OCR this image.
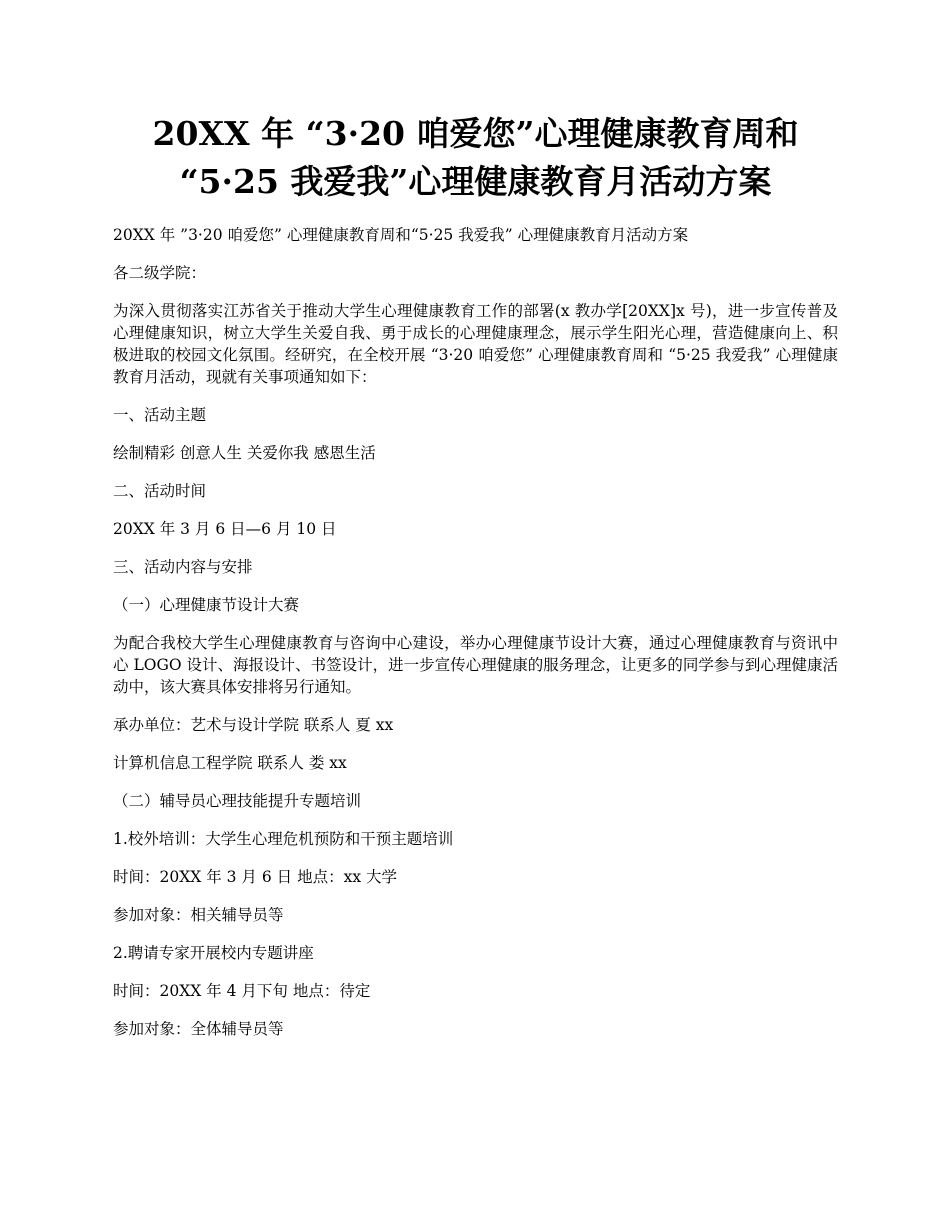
20XX 年 “3·20 咱爱您”心理健康教育周和
“5·25 我爱我”心理健康教育月活动方案

20XX 年 ”3·20 咱爱您” 心理健康教育周和“5·25 我爱我” 心理健康教育月活动方案

各二级学院：

为深入贯彻落实江苏省关于推动大学生心理健康教育工作的部署(x 教办学[20XX]x 号)，进一步宣传普及心理健康知识，树立大学生关爱自我、勇于成长的心理健康理念，展示学生阳光心理，营造健康向上、积极进取的校园文化氛围。经研究，在全校开展 “3·20 咱爱您” 心理健康教育周和 “5·25 我爱我” 心理健康教育月活动，现就有关事项通知如下：

一、活动主题

绘制精彩 创意人生 关爱你我 感恩生活

二、活动时间

20XX 年 3 月 6 日—6 月 10 日

三、活动内容与安排

（一）心理健康节设计大赛

为配合我校大学生心理健康教育与咨询中心建设，举办心理健康节设计大赛，通过心理健康教育与资讯中心 LOGO 设计、海报设计、书签设计，进一步宣传心理健康的服务理念，让更多的同学参与到心理健康活动中，该大赛具体安排将另行通知。

承办单位：艺术与设计学院 联系人 夏 xx

计算机信息工程学院 联系人 娄 xx

（二）辅导员心理技能提升专题培训

1.校外培训：大学生心理危机预防和干预主题培训

时间：20XX 年 3 月 6 日 地点：xx 大学

参加对象：相关辅导员等

2.聘请专家开展校内专题讲座

时间：20XX 年 4 月下旬 地点：待定

参加对象：全体辅导员等
